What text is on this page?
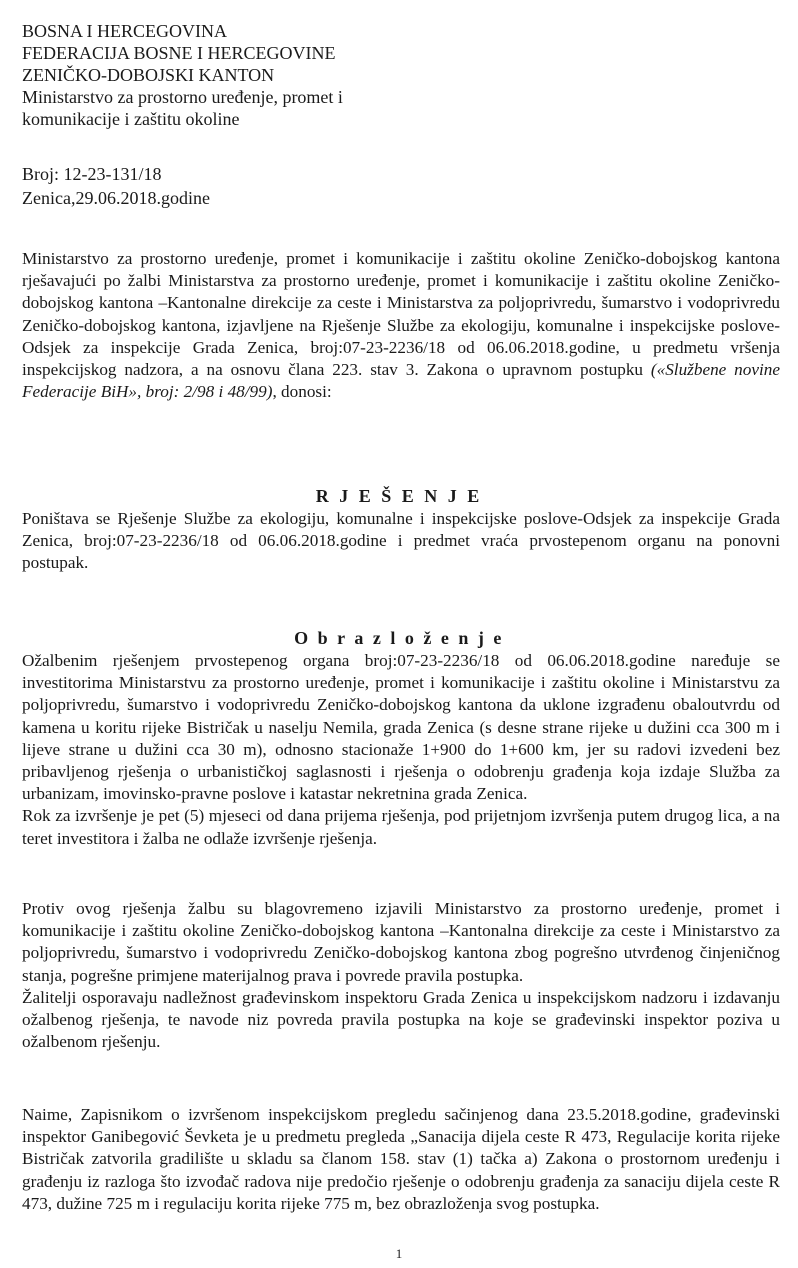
BOSNA I HERCEGOVINA
FEDERACIJA BOSNE I HERCEGOVINE
ZENIČKO-DOBOJSKI KANTON
Ministarstvo za prostorno uređenje, promet i
komunikacije i zaštitu okoline
Broj: 12-23-131/18
Zenica,29.06.2018.godine
Ministarstvo za prostorno uređenje, promet i komunikacije i zaštitu okoline Zeničko-dobojskog kantona rješavajući po žalbi Ministarstva za prostorno uređenje, promet i komunikacije i zaštitu okoline Zeničko-dobojskog kantona –Kantonalne direkcije za ceste i Ministarstva za poljoprivredu, šumarstvo i vodoprivredu Zeničko-dobojskog kantona, izjavljene na Rješenje Službe za ekologiju, komunalne i inspekcijske poslove-Odsjek za inspekcije Grada Zenica, broj:07-23-2236/18 od 06.06.2018.godine, u predmetu vršenja inspekcijskog nadzora, a na osnovu člana 223. stav 3. Zakona o upravnom postupku («Službene novine Federacije BiH», broj: 2/98 i 48/99), donosi:
R J E Š E N J E
Poništava se Rješenje Službe za ekologiju, komunalne i inspekcijske poslove-Odsjek za inspekcije Grada Zenica, broj:07-23-2236/18 od 06.06.2018.godine i predmet vraća prvostepenom organu na ponovni postupak.
O b r a z l o ž e n j e

Ožalbenim rješenjem prvostepenog organa broj:07-23-2236/18 od 06.06.2018.godine naređuje se investitorima Ministarstvu za prostorno uređenje, promet i komunikacije i zaštitu okoline i Ministarstvu za poljoprivredu, šumarstvo i vodoprivredu Zeničko-dobojskog kantona da uklone izgrađenu obaloutvrdu od kamena u koritu rijeke Bistričak u naselju Nemila, grada Zenica (s desne strane rijeke u dužini cca 300 m i lijeve strane u dužini cca 30 m), odnosno stacionaže 1+900 do 1+600 km, jer su radovi izvedeni bez pribavljenog rješenja o urbanističkoj saglasnosti i rješenja o odobrenju građenja koja izdaje Služba za urbanizam, imovinsko-pravne poslove i katastar nekretnina grada Zenica.

Rok za izvršenje je pet (5) mjeseci od dana prijema rješenja, pod prijetnjom izvršenja putem drugog lica, a na teret investitora i žalba ne odlaže izvršenje rješenja.

Protiv ovog rješenja žalbu su blagovremeno izjavili Ministarstvo za prostorno uređenje, promet i komunikacije i zaštitu okoline Zeničko-dobojskog kantona –Kantonalna direkcije za ceste i Ministarstvo za poljoprivredu, šumarstvo i vodoprivredu Zeničko-dobojskog kantona zbog pogrešno utvrđenog činjeničnog stanja, pogrešne primjene materijalnog prava i povrede pravila postupka.

Žalitelji osporavaju nadležnost građevinskom inspektoru Grada Zenica u inspekcijskom nadzoru i izdavanju ožalbenog rješenja, te navode niz povreda pravila postupka na koje se građevinski inspektor poziva u ožalbenom rješenju.

Naime, Zapisnikom o izvršenom inspekcijskom pregledu sačinjenog dana 23.5.2018.godine, građevinski inspektor Ganibegović Ševketa je u predmetu pregleda „Sanacija dijela ceste R 473, Regulacije korita rijeke Bistričak zatvorila gradilište u skladu sa članom 158. stav (1) tačka a) Zakona o prostornom uređenju i građenju iz razloga što izvođač radova nije predočio rješenje o odobrenju građenja za sanaciju dijela ceste R 473, dužine 725 m i regulaciju korita rijeke 775 m, bez obrazloženja svog postupka.

1
